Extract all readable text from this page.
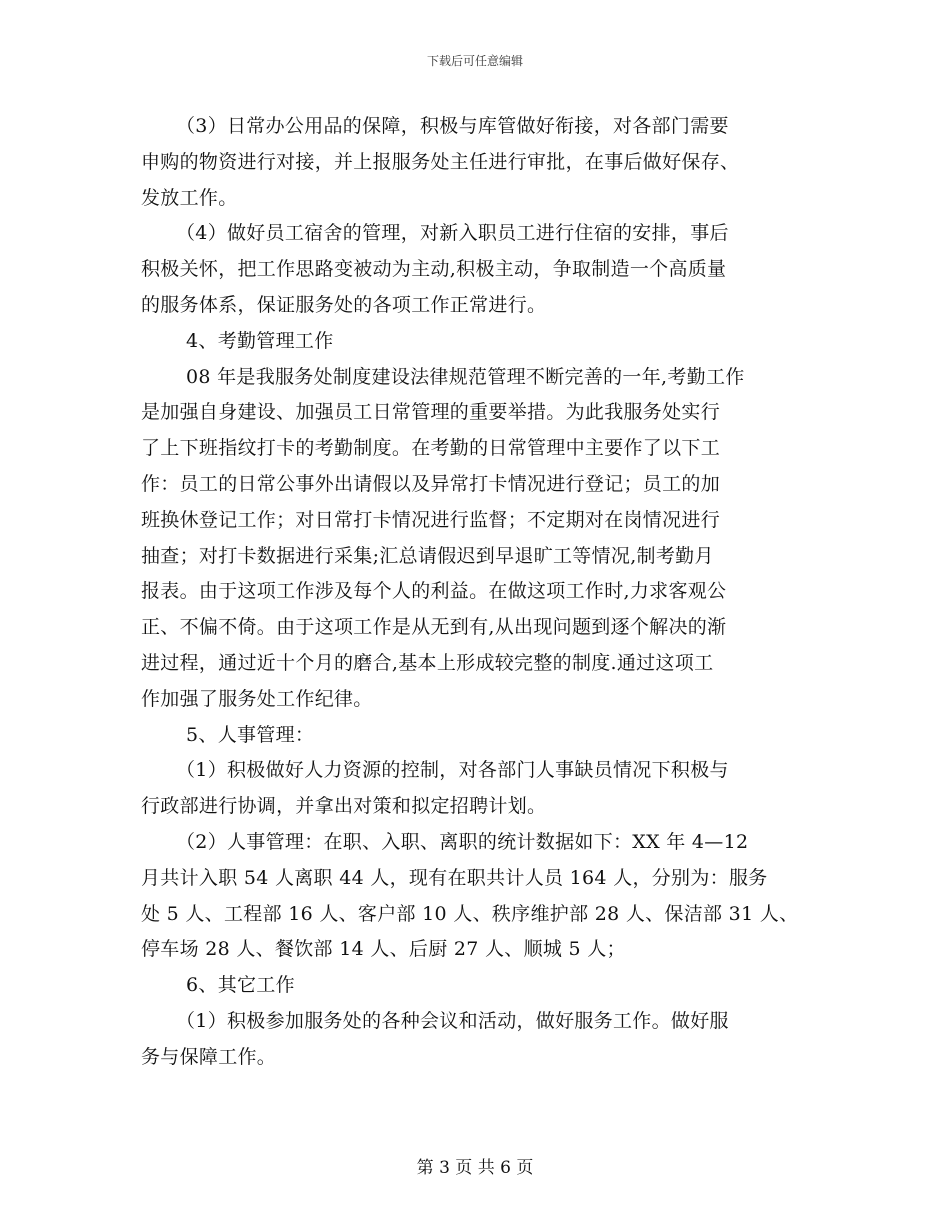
下载后可任意编辑
（3）日常办公用品的保障，积极与库管做好衔接，对各部门需要
申购的物资进行对接，并上报服务处主任进行审批，在事后做好保存、
发放工作。
（4）做好员工宿舍的管理，对新入职员工进行住宿的安排，事后
积极关怀，把工作思路变被动为主动,积极主动，争取制造一个高质量
的服务体系，保证服务处的各项工作正常进行。
4、考勤管理工作
08 年是我服务处制度建设法律规范管理不断完善的一年,考勤工作
是加强自身建设、加强员工日常管理的重要举措。为此我服务处实行
了上下班指纹打卡的考勤制度。在考勤的日常管理中主要作了以下工
作：员工的日常公事外出请假以及异常打卡情况进行登记；员工的加
班换休登记工作；对日常打卡情况进行监督；不定期对在岗情况进行
抽查；对打卡数据进行采集;汇总请假迟到早退旷工等情况,制考勤月
报表。由于这项工作涉及每个人的利益。在做这项工作时,力求客观公
正、不偏不倚。由于这项工作是从无到有,从出现问题到逐个解决的渐
进过程，通过近十个月的磨合,基本上形成较完整的制度.通过这项工
作加强了服务处工作纪律。
5、人事管理：
（1）积极做好人力资源的控制，对各部门人事缺员情况下积极与
行政部进行协调，并拿出对策和拟定招聘计划。
（2）人事管理：在职、入职、离职的统计数据如下：XX 年 4—12
月共计入职 54 人离职 44 人，现有在职共计人员 164 人，分别为：服务
处 5 人、工程部 16 人、客户部 10 人、秩序维护部 28 人、保洁部 31 人、
停车场 28 人、餐饮部 14 人、后厨 27 人、顺城 5 人；
6、其它工作
（1）积极参加服务处的各种会议和活动，做好服务工作。做好服
务与保障工作。
第 3 页 共 6 页
